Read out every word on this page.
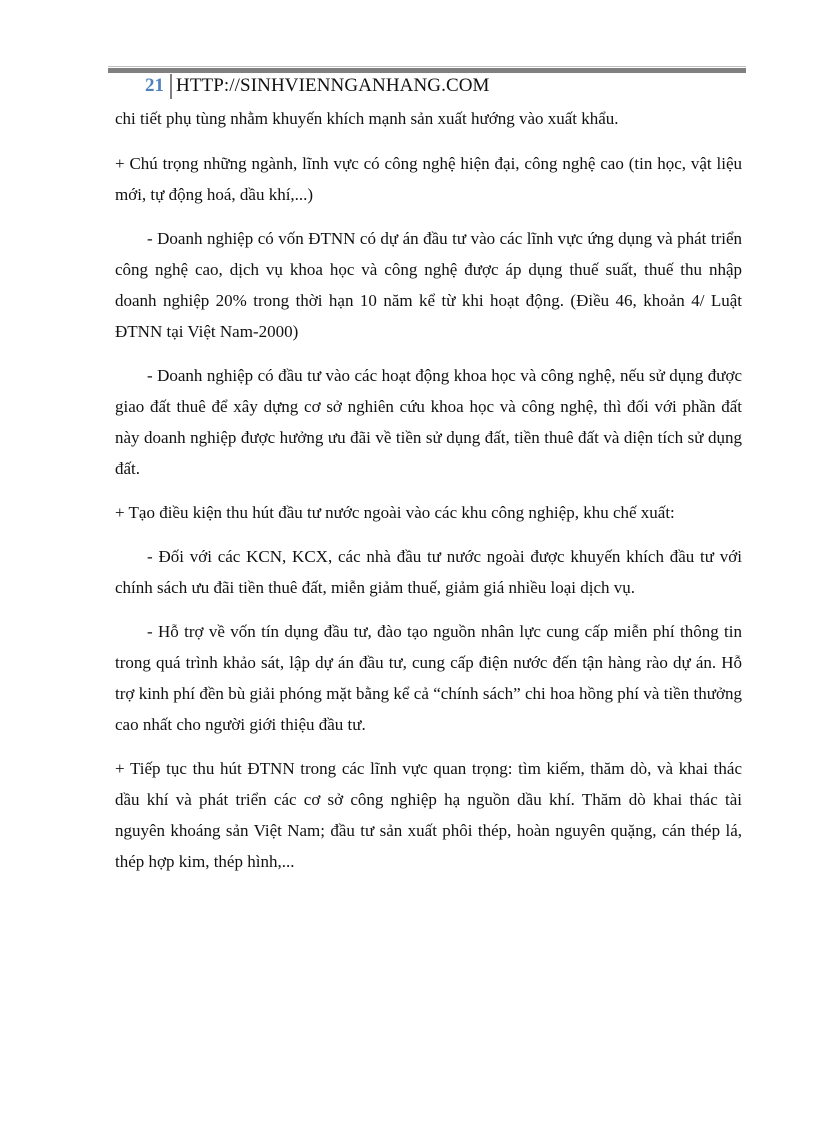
21 HTTP://SINHVIENNGANHANG.COM

chi tiết phụ tùng nhằm khuyến khích mạnh sản xuất hướng vào xuất khẩu.

+ Chú trọng những ngành, lĩnh vực có công nghệ hiện đại, công nghệ cao (tin học, vật liệu mới, tự động hoá, dầu khí,...)

- Doanh nghiệp có vốn ĐTNN có dự án đầu tư vào các lĩnh vực ứng dụng và phát triển công nghệ cao, dịch vụ khoa học và công nghệ được áp dụng thuế suất, thuế thu nhập doanh nghiệp 20% trong thời hạn 10 năm kể từ khi hoạt động. (Điều 46, khoản 4/ Luật ĐTNN tại Việt Nam-2000)

- Doanh nghiệp có đầu tư vào các hoạt động khoa học và công nghệ, nếu sử dụng được giao đất thuê để xây dựng cơ sở nghiên cứu khoa học và công nghệ, thì đối với phần đất này doanh nghiệp được hưởng ưu đãi về tiền sử dụng đất, tiền thuê đất và diện tích sử dụng đất.

+ Tạo điều kiện thu hút đầu tư nước ngoài vào các khu công nghiệp, khu chế xuất:

- Đối với các KCN, KCX, các nhà đầu tư nước ngoài được khuyến khích đầu tư với chính sách ưu đãi tiền thuê đất, miễn giảm thuế, giảm giá nhiều loại dịch vụ.

- Hỗ trợ về vốn tín dụng đầu tư, đào tạo nguồn nhân lực cung cấp miễn phí thông tin trong quá trình khảo sát, lập dự án đầu tư, cung cấp điện nước đến tận hàng rào dự án. Hỗ trợ kinh phí đền bù giải phóng mặt bằng kể cả “chính sách” chi hoa hồng phí và tiền thưởng cao nhất cho người giới thiệu đầu tư.

+ Tiếp tục thu hút ĐTNN trong các lĩnh vực quan trọng: tìm kiếm, thăm dò, và khai thác dầu khí và phát triển các cơ sở công nghiệp hạ nguồn dầu khí. Thăm dò khai thác tài nguyên khoáng sản Việt Nam; đầu tư sản xuất phôi thép, hoàn nguyên quặng, cán thép lá, thép hợp kim, thép hình,...
